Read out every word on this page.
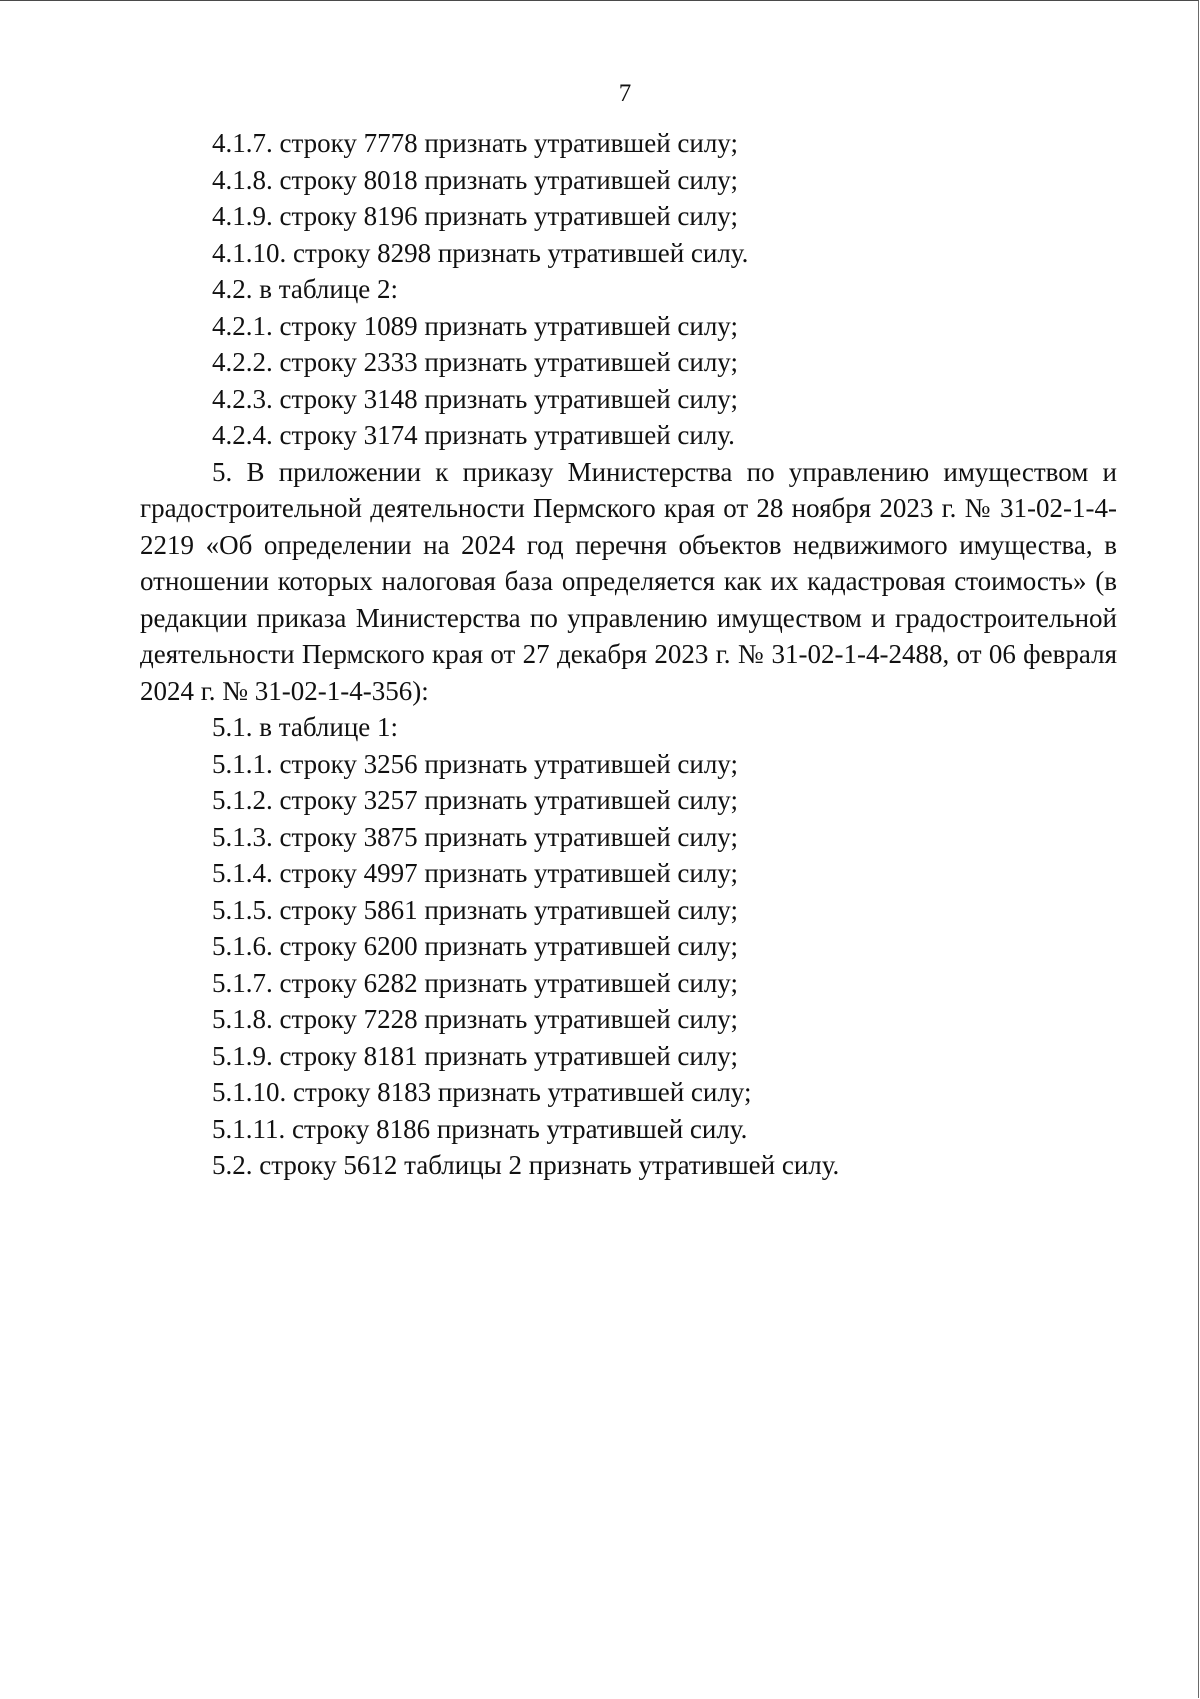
7
4.1.7. строку 7778 признать утратившей силу;
4.1.8. строку 8018 признать утратившей силу;
4.1.9. строку 8196 признать утратившей силу;
4.1.10. строку 8298 признать утратившей силу.
4.2. в таблице 2:
4.2.1. строку 1089 признать утратившей силу;
4.2.2. строку 2333 признать утратившей силу;
4.2.3. строку 3148 признать утратившей силу;
4.2.4. строку 3174 признать утратившей силу.
5. В приложении к приказу Министерства по управлению имуществом и градостроительной деятельности Пермского края от 28 ноября 2023 г. № 31-02-1-4-2219 «Об определении на 2024 год перечня объектов недвижимого имущества, в отношении которых налоговая база определяется как их кадастровая стоимость» (в редакции приказа Министерства по управлению имуществом и градостроительной деятельности Пермского края от 27 декабря 2023 г. № 31-02-1-4-2488, от 06 февраля 2024 г. № 31-02-1-4-356):
5.1. в таблице 1:
5.1.1. строку 3256 признать утратившей силу;
5.1.2. строку 3257 признать утратившей силу;
5.1.3. строку 3875 признать утратившей силу;
5.1.4. строку 4997 признать утратившей силу;
5.1.5. строку 5861 признать утратившей силу;
5.1.6. строку 6200 признать утратившей силу;
5.1.7. строку 6282 признать утратившей силу;
5.1.8. строку 7228 признать утратившей силу;
5.1.9. строку 8181 признать утратившей силу;
5.1.10. строку 8183 признать утратившей силу;
5.1.11. строку 8186 признать утратившей силу.
5.2. строку 5612 таблицы 2 признать утратившей силу.
